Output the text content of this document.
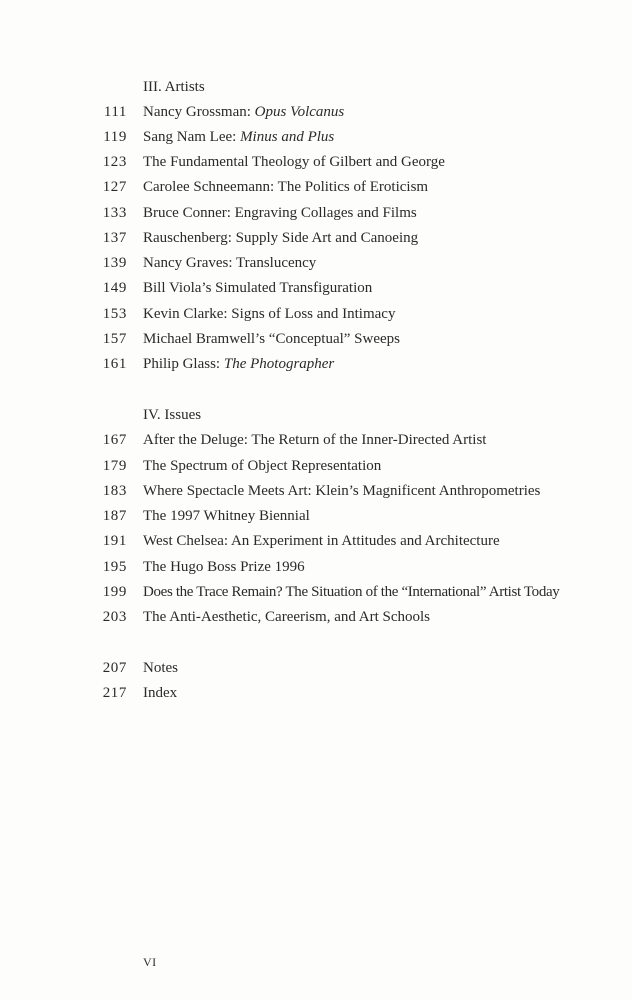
III. Artists
111 Nancy Grossman: Opus Volcanus
119 Sang Nam Lee: Minus and Plus
123 The Fundamental Theology of Gilbert and George
127 Carolee Schneemann: The Politics of Eroticism
133 Bruce Conner: Engraving Collages and Films
137 Rauschenberg: Supply Side Art and Canoeing
139 Nancy Graves: Translucency
149 Bill Viola’s Simulated Transfiguration
153 Kevin Clarke: Signs of Loss and Intimacy
157 Michael Bramwell’s “Conceptual” Sweeps
161 Philip Glass: The Photographer
IV. Issues
167 After the Deluge: The Return of the Inner-Directed Artist
179 The Spectrum of Object Representation
183 Where Spectacle Meets Art: Klein’s Magnificent Anthropometries
187 The 1997 Whitney Biennial
191 West Chelsea: An Experiment in Attitudes and Architecture
195 The Hugo Boss Prize 1996
199 Does the Trace Remain? The Situation of the “International” Artist Today
203 The Anti-Aesthetic, Careerism, and Art Schools
207 Notes
217 Index
VI
